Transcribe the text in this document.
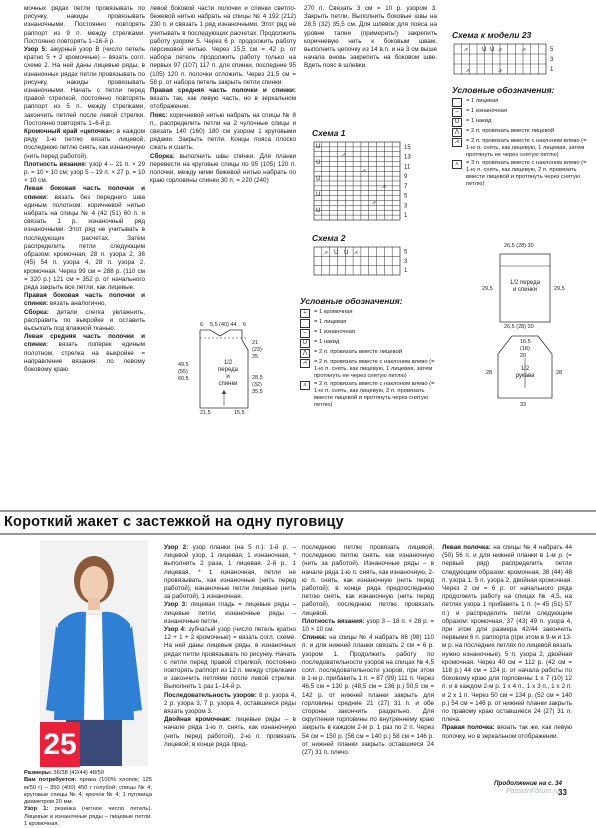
мочных рядах петли провязывать по рисунку, накиды провязывать изнаночными. Постоянно повторять раппорт из 9 п. между стрелками. Постоянно повторять 1–16-й р.

Узор 5: ажурный узор В (число петель кратно 5 + 2 кромочные) – вязать согл. схеме 2. На ней даны лицевые ряды, в изнаночных рядах петли провязывать по рисунку, накиды провязывать изнаночными. Начать с петли перед правой стрелкой, постоянно повторять раппорт из 5 п. между стрелками, закончить петлей после левой стрелки. Постоянно повторять 1–6-й р.

Кромочный край «цепочка»: в каждом ряду 1-ю петлю вязать лицевой, последнюю петлю снять, как изнаночную (нить перед работой).

Плотность вязания: узор 4 – 21 п. × 29 р. = 10 × 10 см; узор 5 – 19 п. × 27 р. = 10 × 10 см.

Левая боковая часть полочки и спинки: вязать без переднего шва единым полотном: коричневой нитью набрать на спицы № 4 (42 (51) 60 п. и связать 1 р. изнаночный ряд изнаночными. Этот ряд не учитывать в последующих расчетах. Затем распределить петли следующим образом: кромочная, 28 п. узора 2, 36 (45) 54 п. узора 4, 28 п. узора 2, кромочная. Через 99 см = 288 р. (110 см = 320 р.) 121 см = 352 р. от начального ряда закрыть все петли, как лицевые.

Правая боковая часть полочки и спинки: вязать аналогично.

Сборка: детали слегка увлажнить, расправить по выкройке и оставить высыхать под влажной тканью.

Левая средняя часть полочки и спинки: вязать поперек единым полотном, стрелка на выкройке = направление вязания: по левому боковому краю

левой боковой части полочки и спинки светло-бежевой нитью набрать на спицы № 4 192 (212) 230 п. и связать 1 ряд изнаночными. Этот ряд не учитывать в последующих расчетах. Продолжить работу узором 5. Через 6 р. продолжить работу персиковой нитью. Через 15,5 см = 42 р. от набора петель продолжить работу только на первых 97 (107) 117 п. для спинки, последние 95 (105) 120 п. полочки отложить. Через 21,5 см = 58 р. от набора петель закрыть петли спинки.

Правая средняя часть полочки и спинки: вязать так, как левую часть, но в зеркальном отображении.

Пояс: коричневой нитью набрать на спицы № 8 п., распределить петли на 2 чулочные спицы и связать 140 (160) 180 см узором 1 круговыми рядами. Закрыть петли. Концы пояса плоско сжать и сшить.

Сборка: выполнить швы спинки. Для планки перевести на круговые спицы по 95 (105) 120 п. полочки, между ними бежевой нитью набрать по краю горловины спинки 30 п. = 220 (240)

270 п. Связать 3 см = 10 р. узором 3. Закрыть петли. Выполнить боковые швы на 28,5 (32) 35,5 см. Для шлевок для пояса на уровне талии (примерить!) закрепить коричневую нить к боковым швам, выполнить цепочку из 14 в.п. и на 3 см выше начала вновь закрепить на боковом шве. Вдеть пояс в шлевки.

Схема 1
15
13
11
9
7
5
3
1
U
U
U
U
U
⩘
⩘
⩘
⩘
Схема 2
5
3
1
⩘ U U ⩘
Условные обозначения:
+	= 1 кромочная
= 1 лицевая
–	= 1 изнаночная
U	= 1 накид
⋀	= 2 п. провязать вместе лицевой
⋌	= 2 п. провязать вместе с наклоном влево (= 1-ю п. снять, как лицевую, 1 лицевая, затем протянуть ее через снятую петлю)
⋏	= 2 п. провязать вместе с наклоном влево (= 1-ю п. снять, как лицевую, 2 п. провязать вместе лицевой и протянуть через снятую петлю)
6 5,5 (40) 44 6
21
(23)
25
28,5
(32)
35,5
49,5
(55)
60,5
1/2 переда и спинки
21,5	15,5
Схема к модели 23
5
3
1
⩘ U U ⩘	⩘
⩘	⩘
Условные обозначения:
= 1 лицевая
–	= 1 изнаночная
U	= 1 накид
⋀	= 2 п. провязать вместе лицевой
⋌	= 2 п. провязать вместе с наклоном влево (= 1-ю п. снять, как лицевую, 1 лицевая, затем протянуть ее через снятую петлю)
⋏	= 3 п. провязать вместе с наклоном влево (= 1-ю п. снять, как лицевую, 2 п. провязать вместе лицевой и протянуть через снятую петлю)
26,5 (28) 30
1/2 переда и спинки
29,5	29,5
26,5 (28) 30
16,5
(18)
20
1/2 рукава
28	28
33
Короткий жакет с застежкой на одну пуговицу
25

Размеры: 36/38 (42/44) 48/50

Вам потребуется: пряжа (100% хлопок; 125 м/50 г) – 350 (400) 450 г голубой; спицы № 4; круговые спицы № 4; крючок № 4; 1 пуговица диаметром 20 мм.

Узор 1: резинка (четное число петель). Лицевые и изнаночные ряды – лицевые петли. 1 кромочная.

Узор 2: узор планки (на 5 п.): 1-й р. – лицевой узор, 1 лицевая, 1 изнаночная, * выполнить 2 раза, 1 лицевая. 2-й р.: 1 лицевая, * 1 изнаночная, петли не провязывать, как изнаночные (нить перед работой), изнаночные петли лицевые (нить за работой), 1 изнаночная.

Узор 3: лицевая гладь = лицевые ряды – лицевые петли, изнаночные ряды – изнаночные петли.

Узор 4: зубчатый узор (число петель кратно 12 + 1 + 2 кромочные) = вязать согл. схеме. На ней даны лицевые ряды, в изнаночных рядах петли провязывать по рисунку. Начать с петли перед правой стрелкой, постоянно повторять раппорт из 12 п. между стрелками и закончить петлями после левой стрелки. Выполнить 1 раз 1–14-й р.

Последовательность узоров: 8 р. узора 4, 2 р. узора 3, 7 р. узора 4, оставшиеся ряды вязать узором 3.

Двойная кромочная: лицевые ряды – в начале ряда 1-ю п. снять, как изнаночную (нить перед работой), 2-ю п. провязать лицевой; в конце ряда пред-

последнюю петлю провязать лицевой, последнюю петлю снять, как изнаночную (нить за работой). Изнаночные ряды – в начале ряда 1-ю п. снять, как изнаночную, 2-ю п. снять, как изнаночную (нить перед работой); в конце ряда предпоследнюю петлю снять, как изнаночную (нить перед работой), последнюю петлю провязать лицевой.

Плотность вязания: узор 3 – 18 п. × 28 р. = 10 × 10 см.

Спинка: на спицы № 4 набрать 86 (98) 110 п. и для нижней планки связать 2 см = 6 р. узором 1. Продолжить работу по последовательности узоров на спицах № 4,5 согл. последовательности узоров, при этом в 1-м р. прибавить 1 п. = 87 (99) 111 п. Через 46,5 см = 130 р. (48,5 см = 136 р.) 50,5 см = 142 р. от нижней планки закрыть для горловины средние 21 (27) 31 п. и обе стороны закончить раздельно. Для скругления горловины по внутреннему краю закрыть в каждом 2-м р. 1 раз по 2 п. Через 54 см = 150 р. (56 см = 140 р.) 58 см = 146 р. от нижней планки закрыть оставшиеся 24 (27) 31 п. плечо.

Левая полочка: на спицы № 4 набрать 44 (50) 56 п. и для нижней планки в 1-м р. (= первый ряд) распределить петли следующим образом: кромочная, 38 (44) 48 п. узора 1, 5 п. узора 2, двойная кромочная. Через 2 см = 6 р. от начального ряда продолжить работу на спицах № 4,5, на петлях узора 1 прибавить 1 п. (= 45 (51) 57 п.) и распределить петли следующим образом: кромочная, 37 (43) 49 п. узора 4, при этом для размера 42/44 закончить первыми 6 п. раппорта (при этом в 9-м и 13-м р. на последних петлях по лицевой вязать нужно изнаночные), 5 п. узора 2, двойная кромочная. Через 40 см = 112 р. (42 см = 118 р.) 44 см = 124 р. от начала работы по боковому краю для горловины 1 х 7 (10) 12 п. и в каждом 2-м р. 1 х 4 п., 1 х 3 п., 1 х 2 п. и 2 х 1 п. Через 50 см = 134 р. (52 см = 140 р.) 54 см = 146 р. от нижней планки закрыть по правому краю оставшиеся 24 (27) 31 п. плеча.

Правая полочка: вязать так же, как левую полочку, но в зеркальном отображении.

Продолжение на с. 34
33
PassionForum.ru
